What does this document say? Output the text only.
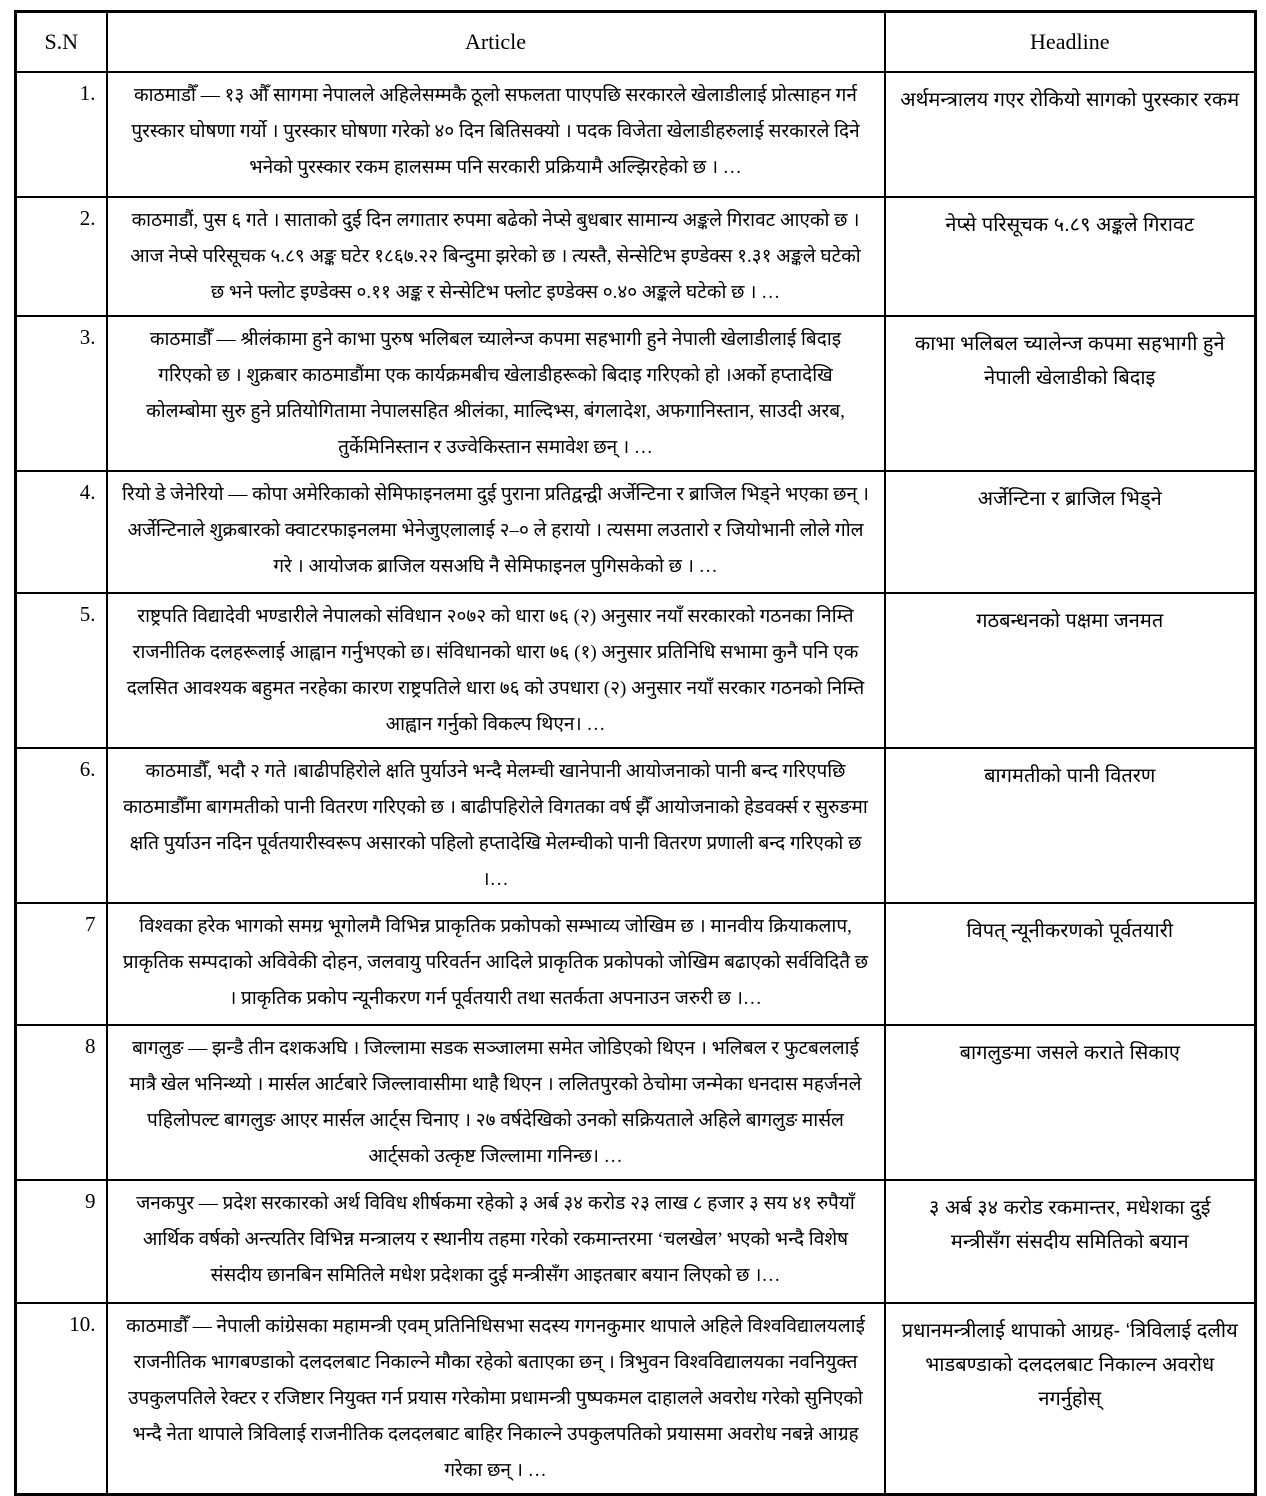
S.N	Article	Headline
1.	काठमाडौँ — १३ औँ सागमा नेपालले अहिलेसम्मकै ठूलो सफलता पाएपछि सरकारले खेलाडीलाई प्रोत्साहन गर्न पुरस्कार घोषणा गर्यो । पुरस्कार घोषणा गरेको ४० दिन बितिसक्यो । पदक विजेता खेलाडीहरुलाई सरकारले दिने भनेको पुरस्कार रकम हालसम्म पनि सरकारी प्रक्रियामै अल्झिरहेको छ । …	अर्थमन्त्रालय गएर रोकियो सागको पुरस्कार रकम
2.	काठमाडौं, पुस ६ गते । साताको दुई दिन लगातार रुपमा बढेको नेप्से बुधबार सामान्य अङ्कले गिरावट आएको छ । आज नेप्से परिसूचक ५.८९ अङ्क घटेर १८६७.२२ बिन्दुमा झरेको छ । त्यस्तै, सेन्सेटिभ इण्डेक्स १.३१ अङ्कले घटेको छ भने फ्लोट इण्डेक्स ०.११ अङ्क र सेन्सेटिभ फ्लोट इण्डेक्स ०.४० अङ्कले घटेको छ । …	नेप्से परिसूचक ५.८९ अङ्कले गिरावट
3.	काठमाडौँ — श्रीलंकामा हुने काभा पुरुष भलिबल च्यालेन्ज कपमा सहभागी हुने नेपाली खेलाडीलाई बिदाइ गरिएको छ । शुक्रबार काठमाडौंमा एक कार्यक्रमबीच खेलाडीहरूको बिदाइ गरिएको हो ।अर्को हप्तादेखि कोलम्बोमा सुरु हुने प्रतियोगितामा नेपालसहित श्रीलंका, माल्दिभ्स, बंगलादेश, अफगानिस्तान, साउदी अरब, तुर्केमिनिस्तान र उज्वेकिस्तान समावेश छन् । …	काभा भलिबल च्यालेन्ज कपमा सहभागी हुने नेपाली खेलाडीको बिदाइ
4.	रियो डे जेनेरियो — कोपा अमेरिकाको सेमिफाइनलमा दुई पुराना प्रतिद्वन्द्वी अर्जेन्टिना र ब्राजिल भिड्ने भएका छन् । अर्जेन्टिनाले शुक्रबारको क्वाटरफाइनलमा भेनेजुएलालाई २–० ले हरायो । त्यसमा लउतारो र जियोभानी लोले गोल गरे । आयोजक ब्राजिल यसअघि नै सेमिफाइनल पुगिसकेको छ । …	अर्जेन्टिना र ब्राजिल भिड्ने
5.	राष्ट्रपति विद्यादेवी भण्डारीले नेपालको संविधान २०७२ को धारा ७६ (२) अनुसार नयाँ सरकारको गठनका निम्ति राजनीतिक दलहरूलाई आह्वान गर्नुभएको छ। संविधानको धारा ७६ (१) अनुसार प्रतिनिधि सभामा कुनै पनि एक दलसित आवश्यक बहुमत नरहेका कारण राष्ट्रपतिले धारा ७६ को उपधारा (२) अनुसार नयाँ सरकार गठनको निम्ति आह्वान गर्नुको विकल्प थिएन। …	गठबन्धनको पक्षमा जनमत
6.	काठमाडौँ, भदौ २ गते ।बाढीपहिरोले क्षति पुर्याउने भन्दै मेलम्ची खानेपानी आयोजनाको पानी बन्द गरिएपछि काठमाडौँमा बागमतीको पानी वितरण गरिएको छ । बाढीपहिरोले विगतका वर्ष झैँ आयोजनाको हेडवर्क्स र सुरुङमा क्षति पुर्याउन नदिन पूर्वतयारीस्वरूप असारको पहिलो हप्तादेखि मेलम्चीको पानी वितरण प्रणाली बन्द गरिएको छ ।…	बागमतीको पानी वितरण
7	विश्वका हरेक भागको समग्र भूगोलमै विभिन्न प्राकृतिक प्रकोपको सम्भाव्य जोखिम छ । मानवीय क्रियाकलाप, प्राकृतिक सम्पदाको अविवेकी दोहन, जलवायु परिवर्तन आदिले प्राकृतिक प्रकोपको जोखिम बढाएको सर्वविदितै छ । प्राकृतिक प्रकोप न्यूनीकरण गर्न पूर्वतयारी तथा सतर्कता अपनाउन जरुरी छ ।…	विपत् न्यूनीकरणको पूर्वतयारी
8	बागलुङ — झन्डै तीन दशकअघि । जिल्लामा सडक सञ्जालमा समेत जोडिएको थिएन । भलिबल र फुटबललाई मात्रै खेल भनिन्थ्यो । मार्सल आर्टबारे जिल्लावासीमा थाहै थिएन । ललितपुरको ठेचोमा जन्मेका धनदास महर्जनले पहिलोपल्ट बागलुङ आएर मार्सल आर्ट्स चिनाए । २७ वर्षदेखिको उनको सक्रियताले अहिले बागलुङ मार्सल आर्ट्सको उत्कृष्ट जिल्लामा गनिन्छ। …	बागलुङमा जसले कराते सिकाए
9	जनकपुर — प्रदेश सरकारको अर्थ विविध शीर्षकमा रहेको ३ अर्ब ३४ करोड २३ लाख ८ हजार ३ सय ४१ रुपैयाँ आर्थिक वर्षको अन्त्यतिर विभिन्न मन्त्रालय र स्थानीय तहमा गरेको रकमान्तरमा ‘चलखेल’ भएको भन्दै विशेष संसदीय छानबिन समितिले मधेश प्रदेशका दुई मन्त्रीसँग आइतबार बयान लिएको छ ।…	३ अर्ब ३४ करोड रकमान्तर, मधेशका दुई मन्त्रीसँग संसदीय समितिको बयान
10.	काठमाडौँ — नेपाली कांग्रेसका महामन्त्री एवम् प्रतिनिधिसभा सदस्य गगनकुमार थापाले अहिले विश्वविद्यालयलाई राजनीतिक भागबण्डाको दलदलबाट निकाल्ने मौका रहेको बताएका छन् । त्रिभुवन विश्वविद्यालयका नवनियुक्त उपकुलपतिले रेक्टर र रजिष्टार नियुक्त गर्न प्रयास गरेकोमा प्रधामन्त्री पुष्पकमल दाहालले अवरोध गरेको सुनिएको भन्दै नेता थापाले त्रिविलाई राजनीतिक दलदलबाट बाहिर निकाल्ने उपकुलपतिको प्रयासमा अवरोध नबन्ने आग्रह गरेका छन् । …	प्रधानमन्त्रीलाई थापाको आग्रह- ‘त्रिविलाई दलीय भाडबण्डाको दलदलबाट निकाल्न अवरोध नगर्नुहोस्
